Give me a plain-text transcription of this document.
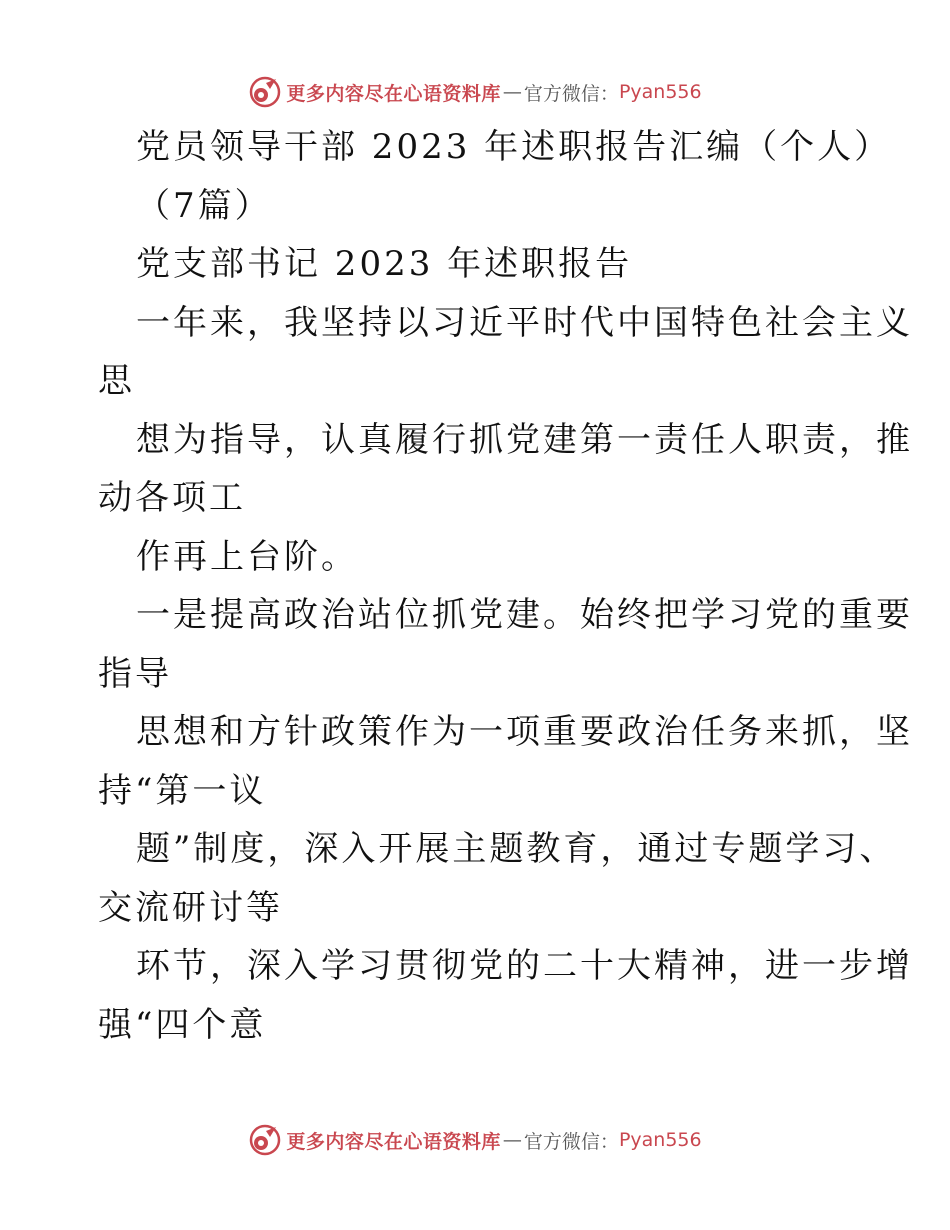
更多内容尽在心语资料库 — 官方微信： Pyan556
党员领导干部 2023 年述职报告汇编（个人）
（7篇）
党支部书记 2023 年述职报告
一年来，我坚持以习近平时代中国特色社会主义
思
想为指导，认真履行抓党建第一责任人职责，推
动各项工
作再上台阶。
一是提高政治站位抓党建。始终把学习党的重要
指导
思想和方针政策作为一项重要政治任务来抓，坚
持“第一议
题”制度，深入开展主题教育，通过专题学习、
交流研讨等
环节，深入学习贯彻党的二十大精神，进一步增
强“四个意
更多内容尽在心语资料库 — 官方微信： Pyan556
